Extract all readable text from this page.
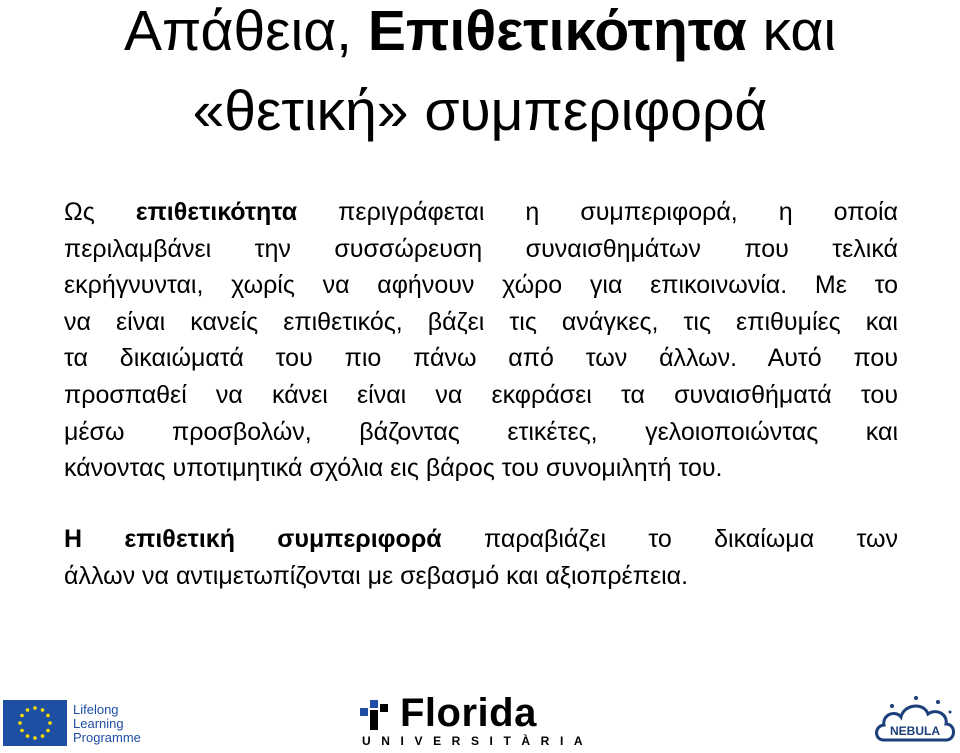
Απάθεια, Επιθετικότητα και
«θετική» συμπεριφορά
Ως επιθετικότητα περιγράφεται η συμπεριφορά, η οποία
περιλαμβάνει την συσσώρευση συναισθημάτων που τελικά
εκρήγνυνται, χωρίς να αφήνουν χώρο για επικοινωνία. Με το
να είναι κανείς επιθετικός, βάζει τις ανάγκες, τις επιθυμίες και
τα δικαιώματά του πιο πάνω από των άλλων. Αυτό που
προσπαθεί να κάνει είναι να εκφράσει τα συναισθήματά του
μέσω προσβολών, βάζοντας ετικέτες, γελοιοποιώντας και
κάνοντας υποτιμητικά σχόλια εις βάρος του συνομιλητή του.
Η επιθετική συμπεριφορά παραβιάζει το δικαίωμα των
άλλων να αντιμετωπίζονται με σεβασμό και αξιοπρέπεια.
Lifelong
Learning
Programme
Florida
UNIVERSITÀRIA
NEBULA
